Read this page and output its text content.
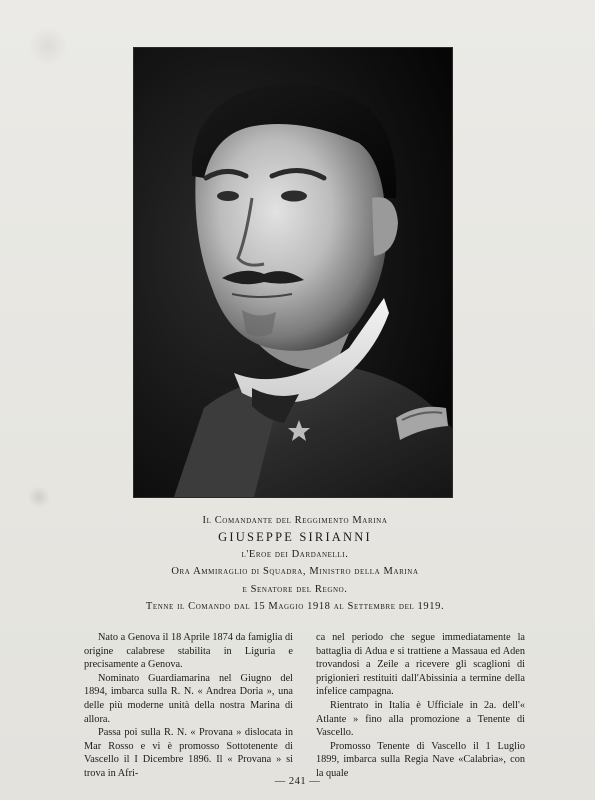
Il Comandante del Reggimento Marina
GIUSEPPE SIRIANNI
l'Eroe dei Dardanelli.
Ora Ammiraglio di Squadra, Ministro della Marina
e Senatore del Regno.
Tenne il Comando dal 15 Maggio 1918 al Settembre del 1919.

Nato a Genova il 18 Aprile 1874 da famiglia di origine calabrese stabilita in Liguria e precisamente a Genova.

Nominato Guardiamarina nel Giugno del 1894, imbarca sulla R. N. « Andrea Doria », una delle più moderne unità della nostra Marina di allora.

Passa poi sulla R. N. « Provana » dislocata in Mar Rosso e vi è promosso Sottotenente di Vascello il I Dicembre 1896. Il « Provana » si trova in Afri-

ca nel periodo che segue immediatamente la battaglia di Adua e si trattiene a Massaua ed Aden trovandosi a Zeile a ricevere gli scaglioni di prigionieri restituiti dall'Abissinia a termine della infelice campagna.

Rientrato in Italia è Ufficiale in 2a. dell'« Atlante » fino alla promozione a Tenente di Vascello.

Promosso Tenente di Vascello il 1 Luglio 1899, imbarca sulla Regia Nave «Calabria», con la quale

— 241 —
